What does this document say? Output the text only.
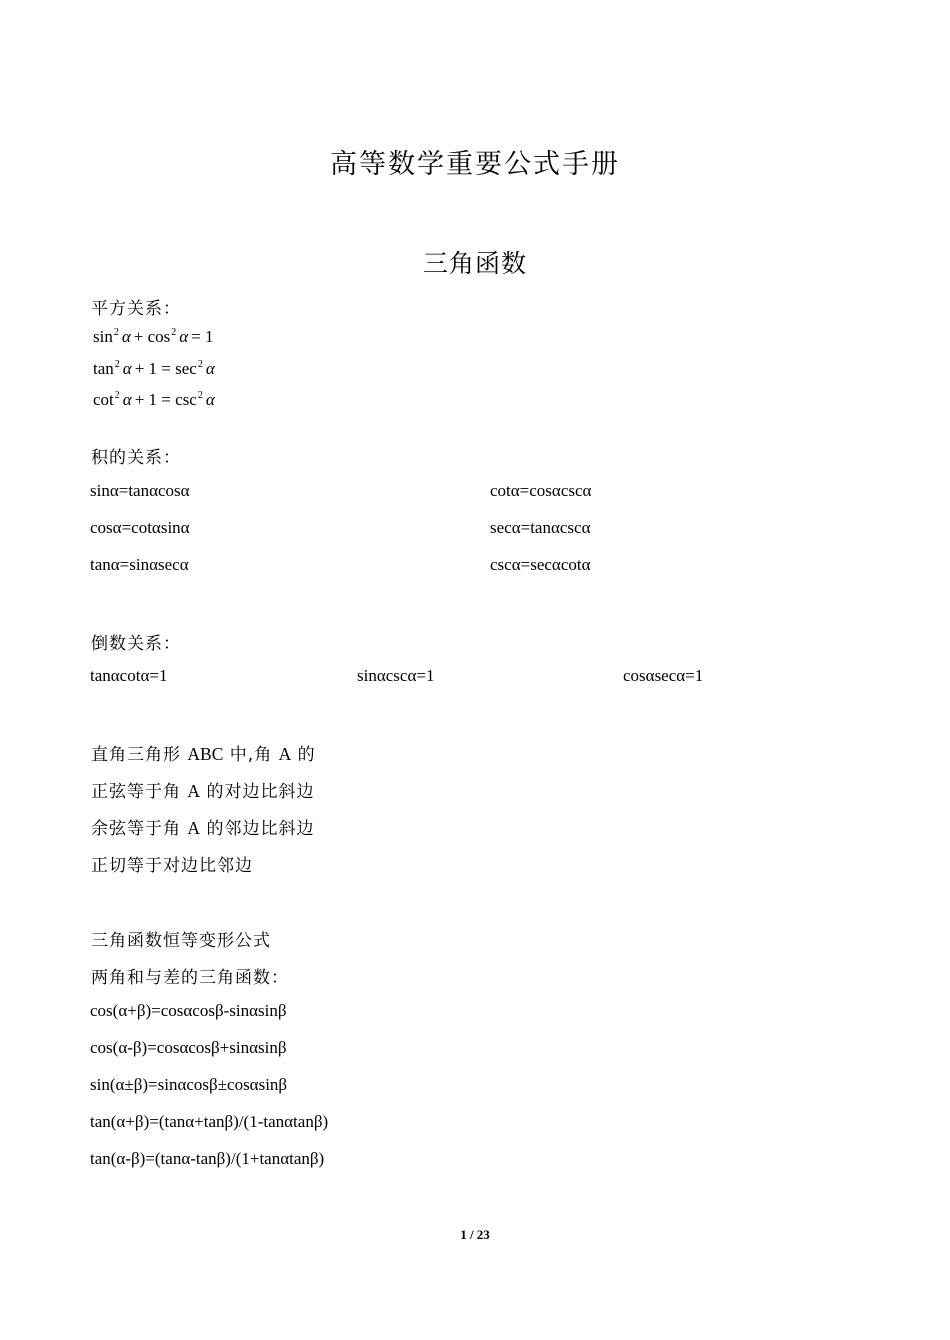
高等数学重要公式手册
三角函数
平方关系：
$\sin^2 \alpha + \cos^2 \alpha = 1$
$\tan^2 \alpha + 1 = \sec^2 \alpha$
$\cot^2 \alpha + 1 = \csc^2 \alpha$
积的关系：
sinα=tanαcosα
cosα=cotαsinα
tanα=sinαsecα
cotα=cosαcscα
secα=tanαcscα
cscα=secαcotα
倒数关系：
tanαcotα=1	sinαcscα=1	cosαsecα=1
直角三角形 ABC 中,角 A 的
正弦等于角 A 的对边比斜边
余弦等于角 A 的邻边比斜边
正切等于对边比邻边
三角函数恒等变形公式
两角和与差的三角函数：
cos(α+β)=cosαcosβ-sinαsinβ
cos(α-β)=cosαcosβ+sinαsinβ
sin(α±β)=sinαcosβ±cosαsinβ
tan(α+β)=(tanα+tanβ)/(1-tanαtanβ)
tan(α-β)=(tanα-tanβ)/(1+tanαtanβ)
1 / 23
